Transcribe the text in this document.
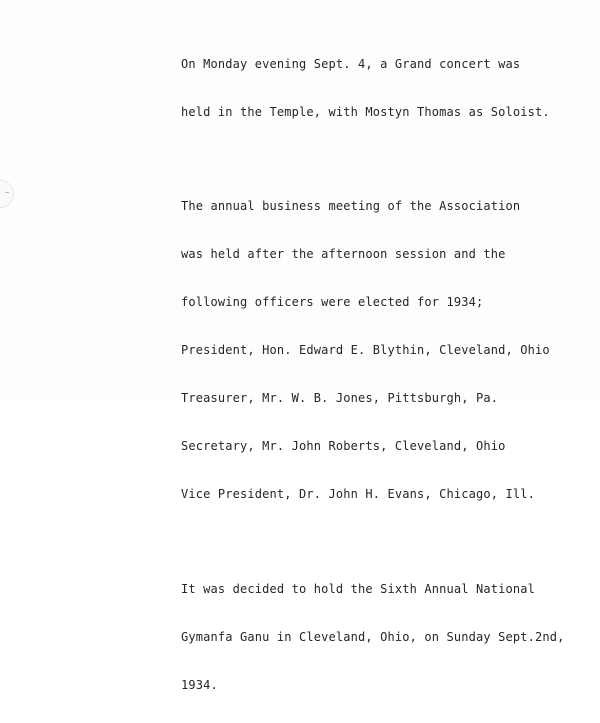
On Monday evening Sept. 4, a Grand concert was

held in the Temple, with Mostyn Thomas as Soloist.

The annual business meeting of the Association

was held after the afternoon session and the

following officers were elected for 1934;

President, Hon. Edward E. Blythin, Cleveland, Ohio

Treasurer, Mr. W. B. Jones, Pittsburgh, Pa.

Secretary, Mr. John Roberts, Cleveland, Ohio

Vice President, Dr. John H. Evans, Chicago, Ill.

It was decided to hold the Sixth Annual National

Gymanfa Ganu in Cleveland, Ohio, on Sunday Sept.2nd,

1934.
